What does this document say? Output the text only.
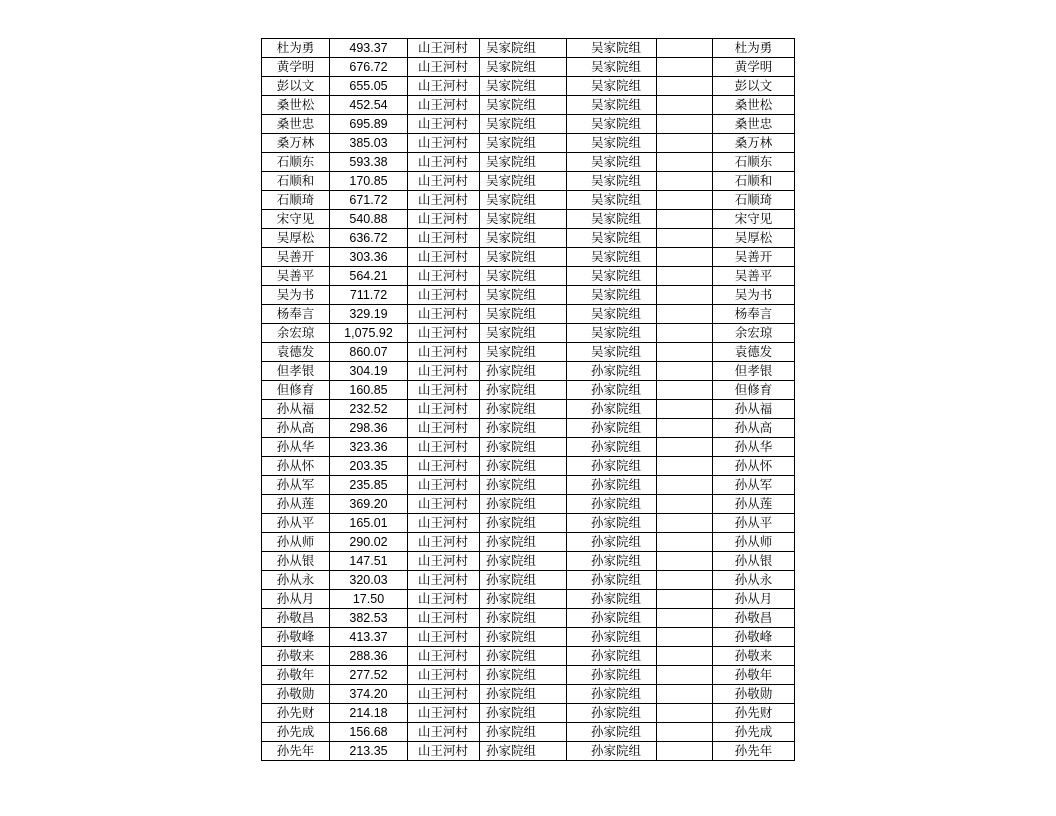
杜为勇	493.37	山王河村	吴家院组	吴家院组		杜为勇
黄学明	676.72	山王河村	吴家院组	吴家院组		黄学明
彭以文	655.05	山王河村	吴家院组	吴家院组		彭以文
桑世松	452.54	山王河村	吴家院组	吴家院组		桑世松
桑世忠	695.89	山王河村	吴家院组	吴家院组		桑世忠
桑万林	385.03	山王河村	吴家院组	吴家院组		桑万林
石顺东	593.38	山王河村	吴家院组	吴家院组		石顺东
石顺和	170.85	山王河村	吴家院组	吴家院组		石顺和
石顺琦	671.72	山王河村	吴家院组	吴家院组		石顺琦
宋守见	540.88	山王河村	吴家院组	吴家院组		宋守见
吴厚松	636.72	山王河村	吴家院组	吴家院组		吴厚松
吴善开	303.36	山王河村	吴家院组	吴家院组		吴善开
吴善平	564.21	山王河村	吴家院组	吴家院组		吴善平
吴为书	711.72	山王河村	吴家院组	吴家院组		吴为书
杨奉言	329.19	山王河村	吴家院组	吴家院组		杨奉言
余宏琼	1,075.92	山王河村	吴家院组	吴家院组		余宏琼
袁德发	860.07	山王河村	吴家院组	吴家院组		袁德发
但孝银	304.19	山王河村	孙家院组	孙家院组		但孝银
但修育	160.85	山王河村	孙家院组	孙家院组		但修育
孙从福	232.52	山王河村	孙家院组	孙家院组		孙从福
孙从高	298.36	山王河村	孙家院组	孙家院组		孙从高
孙从华	323.36	山王河村	孙家院组	孙家院组		孙从华
孙从怀	203.35	山王河村	孙家院组	孙家院组		孙从怀
孙从军	235.85	山王河村	孙家院组	孙家院组		孙从军
孙从莲	369.20	山王河村	孙家院组	孙家院组		孙从莲
孙从平	165.01	山王河村	孙家院组	孙家院组		孙从平
孙从师	290.02	山王河村	孙家院组	孙家院组		孙从师
孙从银	147.51	山王河村	孙家院组	孙家院组		孙从银
孙从永	320.03	山王河村	孙家院组	孙家院组		孙从永
孙从月	17.50	山王河村	孙家院组	孙家院组		孙从月
孙敬昌	382.53	山王河村	孙家院组	孙家院组		孙敬昌
孙敬峰	413.37	山王河村	孙家院组	孙家院组		孙敬峰
孙敬来	288.36	山王河村	孙家院组	孙家院组		孙敬来
孙敬年	277.52	山王河村	孙家院组	孙家院组		孙敬年
孙敬勋	374.20	山王河村	孙家院组	孙家院组		孙敬勋
孙先财	214.18	山王河村	孙家院组	孙家院组		孙先财
孙先成	156.68	山王河村	孙家院组	孙家院组		孙先成
孙先年	213.35	山王河村	孙家院组	孙家院组		孙先年
